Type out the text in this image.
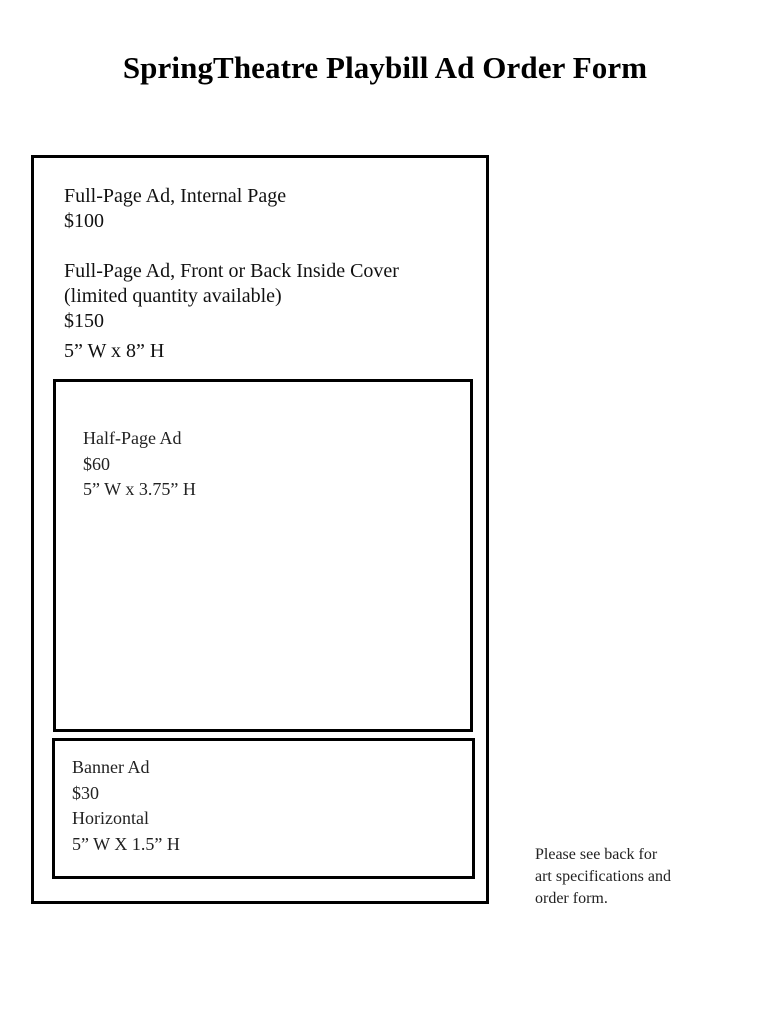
SpringTheatre Playbill Ad Order Form
Full-Page Ad, Internal Page
$100
Full-Page Ad, Front or Back Inside Cover
(limited quantity available)
$150
5” W x 8” H
Half-Page Ad
$60
5” W x 3.75” H
Banner Ad
$30
Horizontal
5” W X 1.5” H
Please see back for
art specifications and
order form.
